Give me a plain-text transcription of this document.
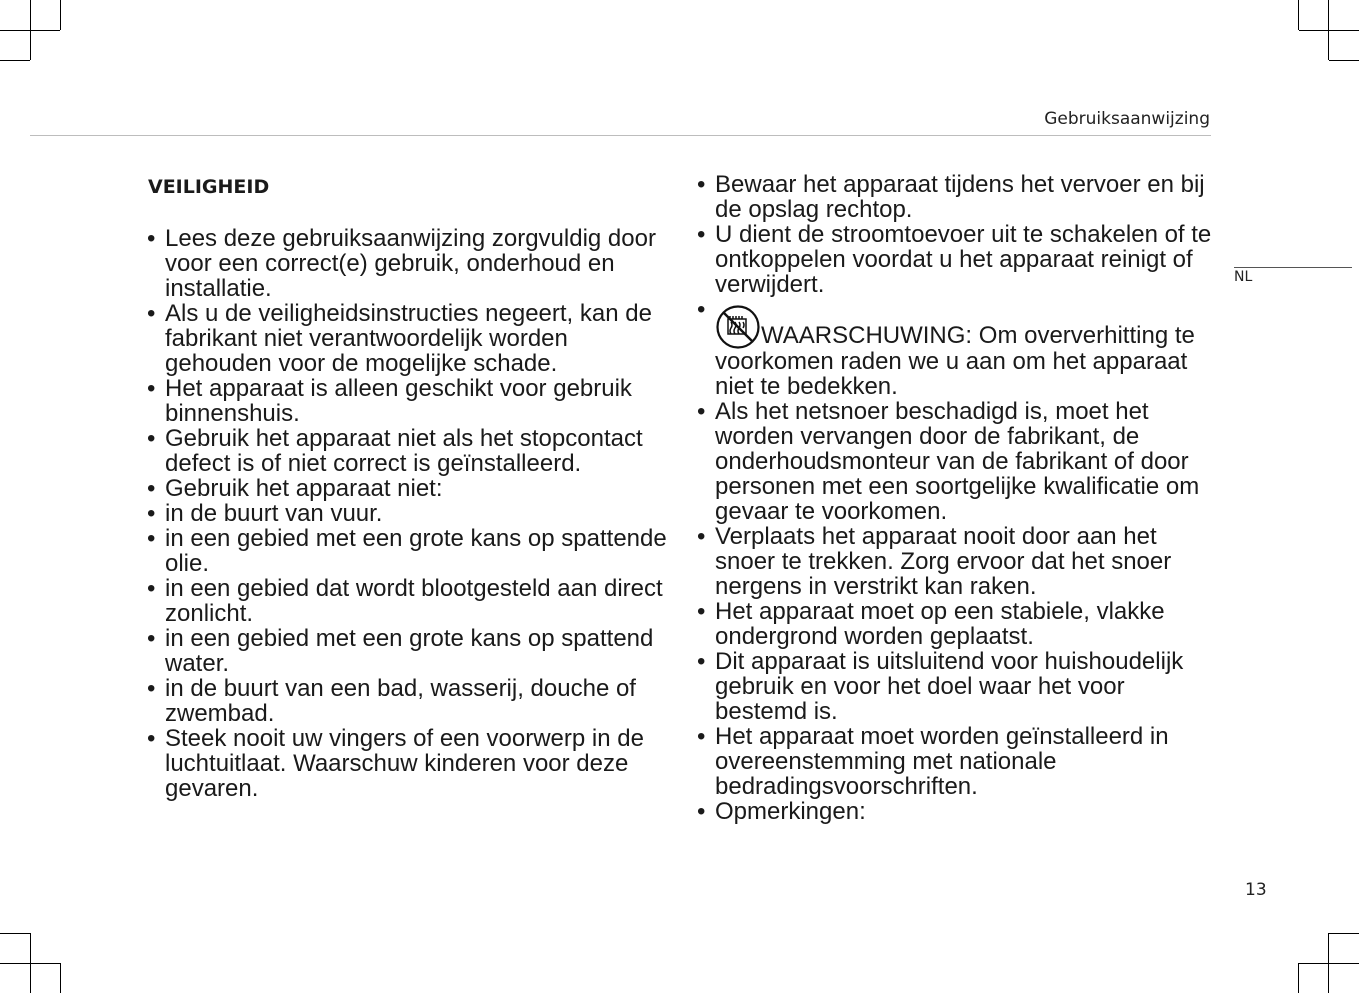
Gebruiksaanwijzing
NL
VEILIGHEID
• Lees deze gebruiksaanwijzing zorgvuldig door voor een correct(e) gebruik, onderhoud en installatie.
• Als u de veiligheidsinstructies negeert, kan de fabrikant niet verantwoordelijk worden gehouden voor de mogelijke schade.
• Het apparaat is alleen geschikt voor gebruik binnenshuis.
• Gebruik het apparaat niet als het stopcontact defect is of niet correct is geïnstalleerd.
• Gebruik het apparaat niet:
• in de buurt van vuur.
• in een gebied met een grote kans op spattende olie.
• in een gebied dat wordt blootgesteld aan direct zonlicht.
• in een gebied met een grote kans op spattend water.
• in de buurt van een bad, wasserij, douche of zwembad.
• Steek nooit uw vingers of een voorwerp in de luchtuitlaat. Waarschuw kinderen voor deze gevaren.
• Bewaar het apparaat tijdens het vervoer en bij de opslag rechtop.
• U dient de stroomtoevoer uit te schakelen of te ontkoppelen voordat u het apparaat reinigt of verwijdert.
• WAARSCHUWING: Om oververhitting te voorkomen raden we u aan om het apparaat niet te bedekken.
• Als het netsnoer beschadigd is, moet het worden vervangen door de fabrikant, de onderhoudsmonteur van de fabrikant of door personen met een soortgelijke kwalificatie om gevaar te voorkomen.
• Verplaats het apparaat nooit door aan het snoer te trekken. Zorg ervoor dat het snoer nergens in verstrikt kan raken.
• Het apparaat moet op een stabiele, vlakke ondergrond worden geplaatst.
• Dit apparaat is uitsluitend voor huishoudelijk gebruik en voor het doel waar het voor bestemd is.
• Het apparaat moet worden geïnstalleerd in overeenstemming met nationale bedradingsvoorschriften.
• Opmerkingen:
13
